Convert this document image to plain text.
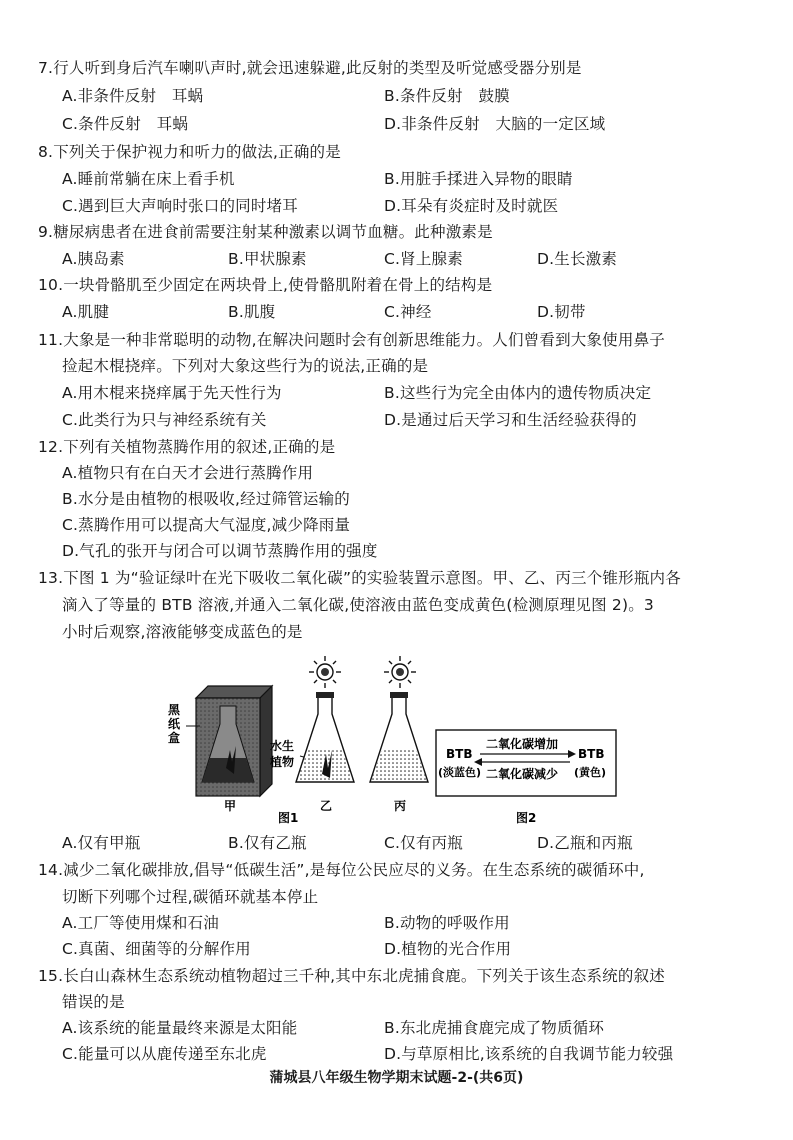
7.行人听到身后汽车喇叭声时,就会迅速躲避,此反射的类型及听觉感受器分别是
A.非条件反射　耳蜗	B.条件反射　鼓膜
C.条件反射　耳蜗	D.非条件反射　大脑的一定区域
8.下列关于保护视力和听力的做法,正确的是
A.睡前常躺在床上看手机	B.用脏手揉进入异物的眼睛
C.遇到巨大声响时张口的同时堵耳	D.耳朵有炎症时及时就医
9.糖尿病患者在进食前需要注射某种激素以调节血糖。此种激素是
A.胰岛素	B.甲状腺素	C.肾上腺素	D.生长激素
10.一块骨骼肌至少固定在两块骨上,使骨骼肌附着在骨上的结构是
A.肌腱	B.肌腹	C.神经	D.韧带
11.大象是一种非常聪明的动物,在解决问题时会有创新思维能力。人们曾看到大象使用鼻子
捡起木棍挠痒。下列对大象这些行为的说法,正确的是
A.用木棍来挠痒属于先天性行为	B.这些行为完全由体内的遗传物质决定
C.此类行为只与神经系统有关	D.是通过后天学习和生活经验获得的
12.下列有关植物蒸腾作用的叙述,正确的是
A.植物只有在白天才会进行蒸腾作用
B.水分是由植物的根吸收,经过筛管运输的
C.蒸腾作用可以提高大气湿度,减少降雨量
D.气孔的张开与闭合可以调节蒸腾作用的强度
13.下图 1 为“验证绿叶在光下吸收二氧化碳”的实验装置示意图。甲、乙、丙三个锥形瓶内各
滴入了等量的 BTB 溶液,并通入二氧化碳,使溶液由蓝色变成黄色(检测原理见图 2)。3
小时后观察,溶液能够变成蓝色的是
黑
纸
盒
甲
水生
植物
乙	丙
图1
BTB
(淡蓝色)
BTB
(黄色)
二氧化碳增加
二氧化碳减少
图2
A.仅有甲瓶	B.仅有乙瓶	C.仅有丙瓶	D.乙瓶和丙瓶
14.减少二氧化碳排放,倡导“低碳生活”,是每位公民应尽的义务。在生态系统的碳循环中,
切断下列哪个过程,碳循环就基本停止
A.工厂等使用煤和石油	B.动物的呼吸作用
C.真菌、细菌等的分解作用	D.植物的光合作用
15.长白山森林生态系统动植物超过三千种,其中东北虎捕食鹿。下列关于该生态系统的叙述
错误的是
A.该系统的能量最终来源是太阳能	B.东北虎捕食鹿完成了物质循环
C.能量可以从鹿传递至东北虎	D.与草原相比,该系统的自我调节能力较强
蒲城县八年级生物学期末试题-2-(共6页)
